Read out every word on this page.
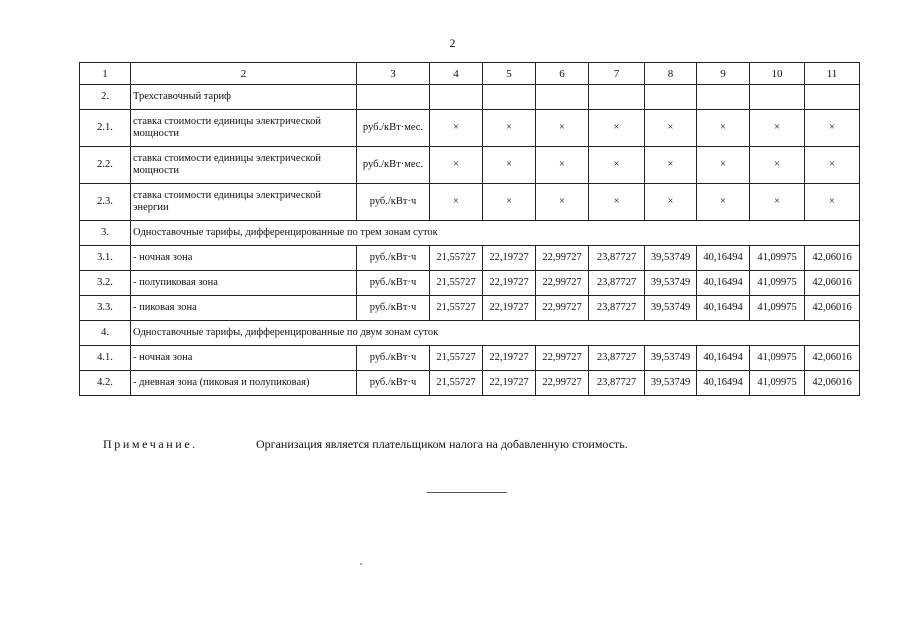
2
1	2	3	4	5	6	7	8	9	10	11
2.	Трехставочный тариф									
2.1.	ставка стоимости единицы электрической мощности	руб./кВт·мес.	×	×	×	×	×	×	×	×
2.2.	ставка стоимости единицы электрической мощности	руб./кВт·мес.	×	×	×	×	×	×	×	×
2.3.	ставка стоимости единицы электрической энергии	руб./кВт·ч	×	×	×	×	×	×	×	×
3.	Одноставочные тарифы, дифференцированные по трем зонам суток									
3.1.	- ночная зона	руб./кВт·ч	21,55727	22,19727	22,99727	23,87727	39,53749	40,16494	41,09975	42,06016
3.2.	- полупиковая зона	руб./кВт·ч	21,55727	22,19727	22,99727	23,87727	39,53749	40,16494	41,09975	42,06016
3.3.	- пиковая зона	руб./кВт·ч	21,55727	22,19727	22,99727	23,87727	39,53749	40,16494	41,09975	42,06016
4.	Одноставочные тарифы, дифференцированные по двум зонам суток									
4.1.	- ночная зона	руб./кВт·ч	21,55727	22,19727	22,99727	23,87727	39,53749	40,16494	41,09975	42,06016
4.2.	- дневная зона (пиковая и полупиковая)	руб./кВт·ч	21,55727	22,19727	22,99727	23,87727	39,53749	40,16494	41,09975	42,06016
Примечание.	Организация является плательщиком налога на добавленную стоимость.
